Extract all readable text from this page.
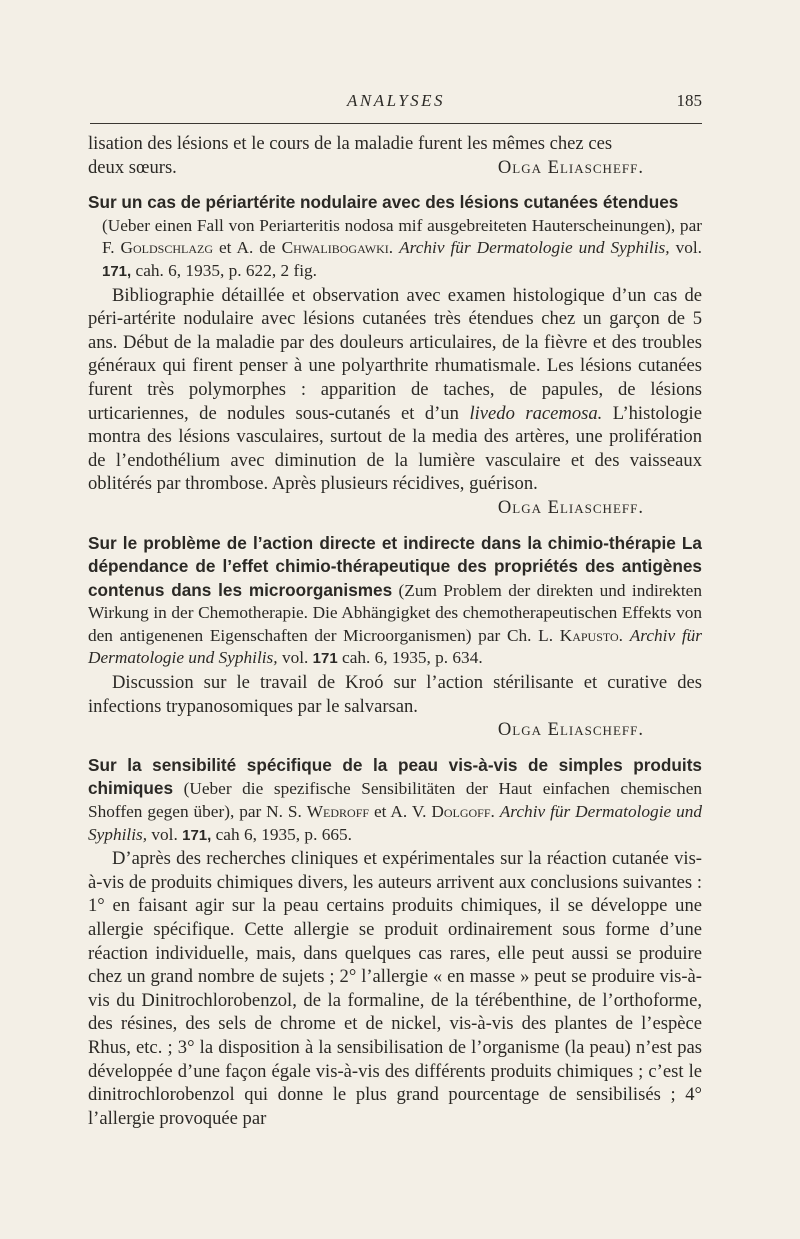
ANALYSES	185

lisation des lésions et le cours de la maladie furent les mêmes chez ces

deux sœurs.	Olga Eliascheff.
Sur un cas de périartérite nodulaire avec des lésions cutanées étendues
(Ueber einen Fall von Periarteritis nodosa mif ausgebreiteten Hauterscheinungen), par F. Goldschlazg et A. de Chwalibogawki. Archiv für Dermatologie und Syphilis, vol. 171, cah. 6, 1935, p. 622, 2 fig.

Bibliographie détaillée et observation avec examen histologique d’un cas de péri-artérite nodulaire avec lésions cutanées très étendues chez un garçon de 5 ans. Début de la maladie par des douleurs articulaires, de la fièvre et des troubles généraux qui firent penser à une polyarthrite rhumatismale. Les lésions cutanées furent très polymorphes : apparition de taches, de papules, de lésions urticariennes, de nodules sous-cutanés et d’un livedo racemosa. L’histologie montra des lésions vasculaires, surtout de la media des artères, une prolifération de l’endothélium avec diminution de la lumière vasculaire et des vaisseaux oblitérés par thrombose. Après plusieurs récidives, guérison.

Olga Eliascheff.

Sur le problème de l’action directe et indirecte dans la chimio-thérapie La dépendance de l’effet chimio-thérapeutique des propriétés des antigènes contenus dans les microorganismes (Zum Problem der direkten und indirekten Wirkung in der Chemotherapie. Die Abhängigket des chemotherapeutischen Effekts von den antigenenen Eigenschaften der Microorganismen) par Ch. L. Kapusto. Archiv für Dermatologie und Syphilis, vol. 171 cah. 6, 1935, p. 634.

Discussion sur le travail de Kroó sur l’action stérilisante et curative des infections trypanosomiques par le salvarsan.

Olga Eliascheff.

Sur la sensibilité spécifique de la peau vis-à-vis de simples produits chimiques (Ueber die spezifische Sensibilitäten der Haut einfachen chemischen Shoffen gegen über), par N. S. Wedroff et A. V. Dolgoff. Archiv für Dermatologie und Syphilis, vol. 171, cah 6, 1935, p. 665.

D’après des recherches cliniques et expérimentales sur la réaction cutanée vis-à-vis de produits chimiques divers, les auteurs arrivent aux conclusions suivantes : 1° en faisant agir sur la peau certains produits chimiques, il se développe une allergie spécifique. Cette allergie se produit ordinairement sous forme d’une réaction individuelle, mais, dans quelques cas rares, elle peut aussi se produire chez un grand nombre de sujets ; 2° l’allergie « en masse » peut se produire vis-à-vis du Dinitrochlorobenzol, de la formaline, de la térébenthine, de l’orthoforme, des résines, des sels de chrome et de nickel, vis-à-vis des plantes de l’espèce Rhus, etc. ; 3° la disposition à la sensibilisation de l’organisme (la peau) n’est pas développée d’une façon égale vis-à-vis des différents produits chimiques ; c’est le dinitrochlorobenzol qui donne le plus grand pourcentage de sensibilisés ; 4° l’allergie provoquée par
